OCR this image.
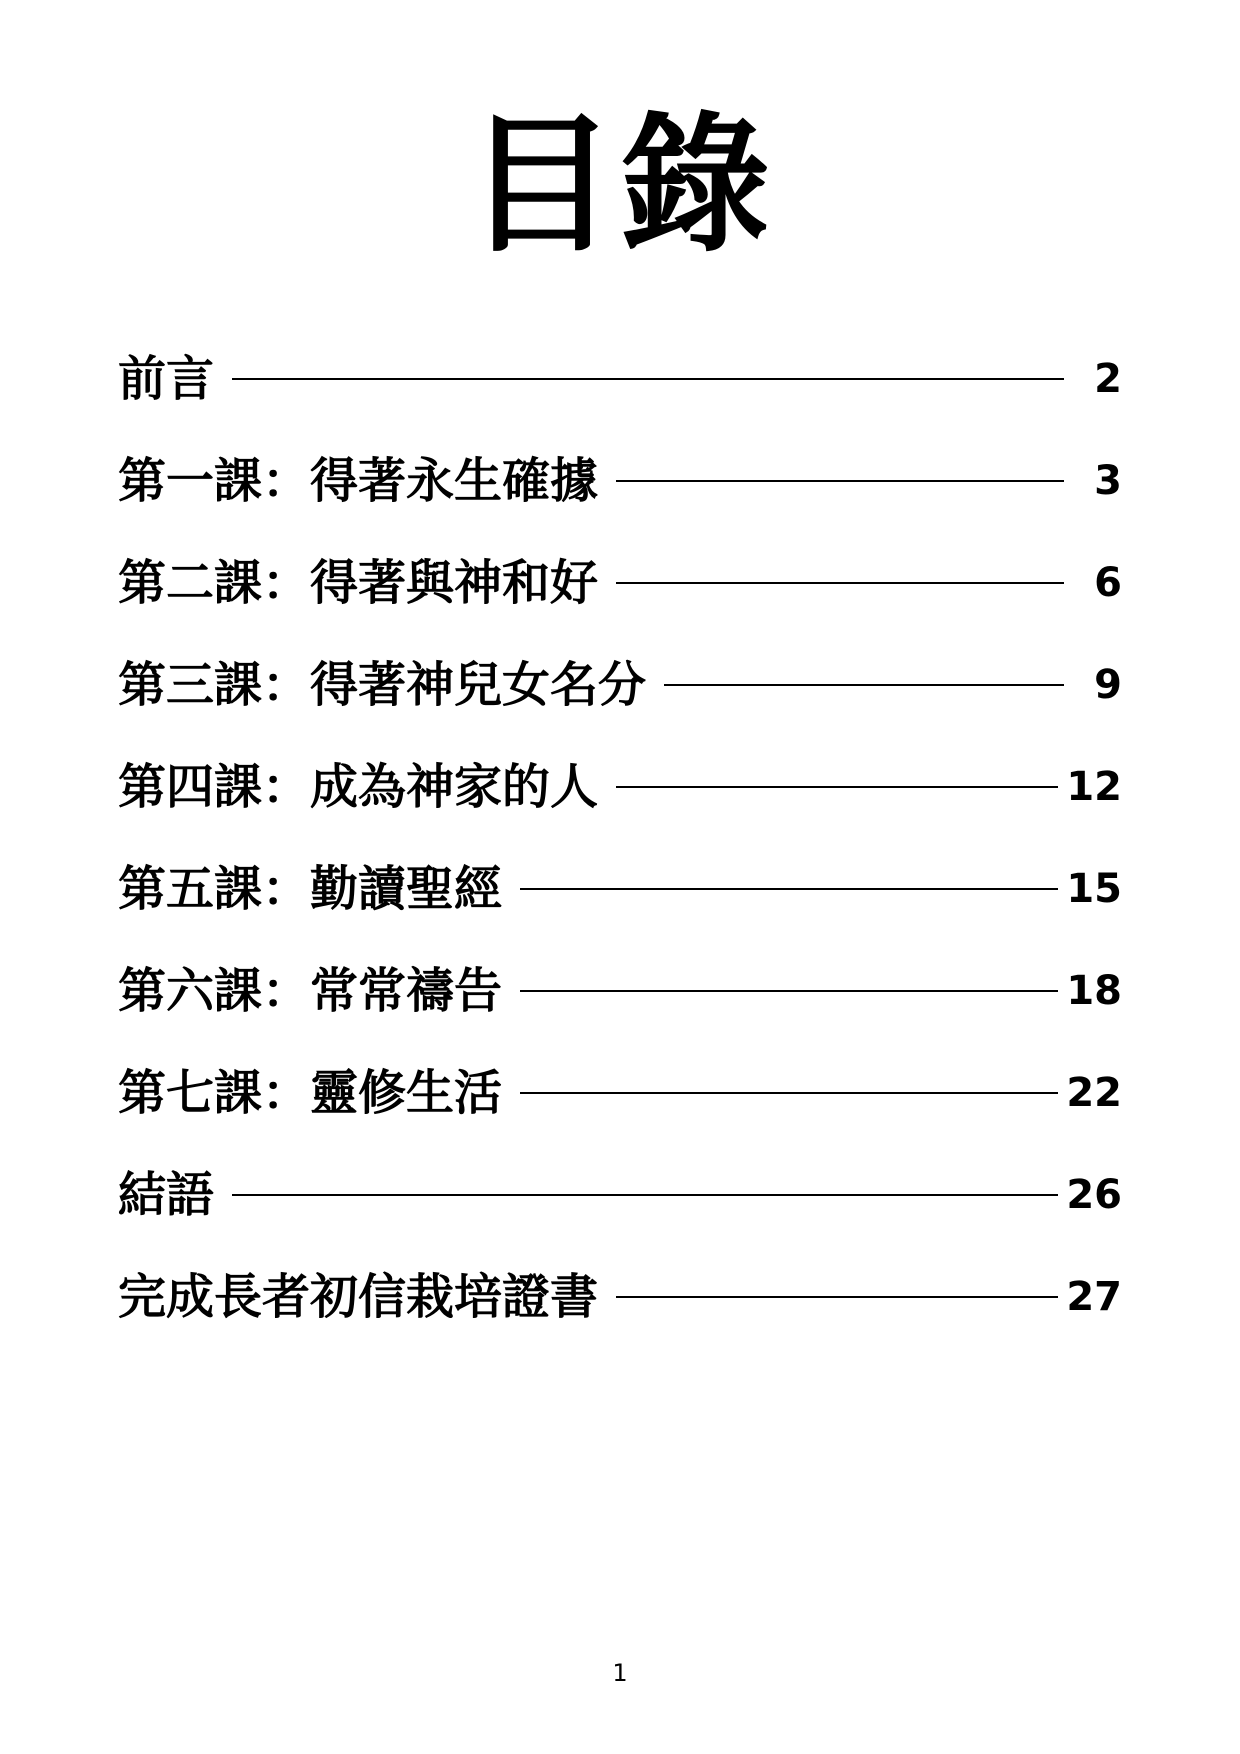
目錄
前言	2
第一課：得著永生確據	3
第二課：得著與神和好	6
第三課：得著神兒女名分	9
第四課：成為神家的人	12
第五課：勤讀聖經	15
第六課：常常禱告	18
第七課：靈修生活	22
結語	26
完成長者初信栽培證書	27
1
